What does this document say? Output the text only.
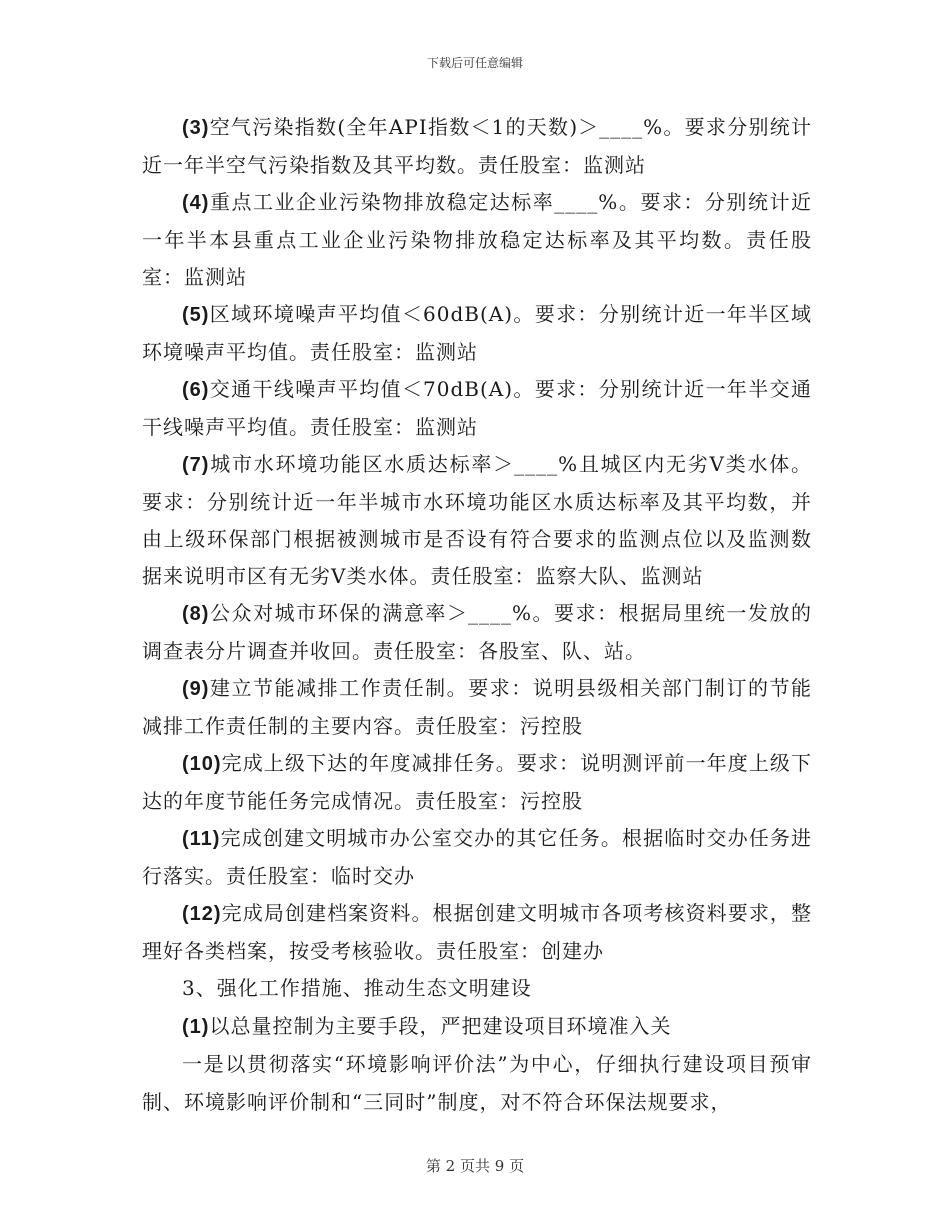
下载后可任意编辑

(3)空气污染指数(全年API指数＜1的天数)＞____%。要求分别统计近一年半空气污染指数及其平均数。责任股室：监测站

(4)重点工业企业污染物排放稳定达标率____%。要求：分别统计近一年半本县重点工业企业污染物排放稳定达标率及其平均数。责任股室：监测站

(5)区域环境噪声平均值＜60dB(A)。要求：分别统计近一年半区域环境噪声平均值。责任股室：监测站

(6)交通干线噪声平均值＜70dB(A)。要求：分别统计近一年半交通干线噪声平均值。责任股室：监测站

(7)城市水环境功能区水质达标率＞____%且城区内无劣Ⅴ类水体。要求：分别统计近一年半城市水环境功能区水质达标率及其平均数，并由上级环保部门根据被测城市是否设有符合要求的监测点位以及监测数据来说明市区有无劣Ⅴ类水体。责任股室：监察大队、监测站

(8)公众对城市环保的满意率＞____%。要求：根据局里统一发放的调查表分片调查并收回。责任股室：各股室、队、站。

(9)建立节能减排工作责任制。要求：说明县级相关部门制订的节能减排工作责任制的主要内容。责任股室：污控股

(10)完成上级下达的年度减排任务。要求：说明测评前一年度上级下达的年度节能任务完成情况。责任股室：污控股

(11)完成创建文明城市办公室交办的其它任务。根据临时交办任务进行落实。责任股室：临时交办

(12)完成局创建档案资料。根据创建文明城市各项考核资料要求，整理好各类档案，按受考核验收。责任股室：创建办

3、强化工作措施、推动生态文明建设

(1)以总量控制为主要手段，严把建设项目环境准入关

一是以贯彻落实“环境影响评价法”为中心，仔细执行建设项目预审制、环境影响评价制和“三同时”制度，对不符合环保法规要求，

第 2 页共 9 页
